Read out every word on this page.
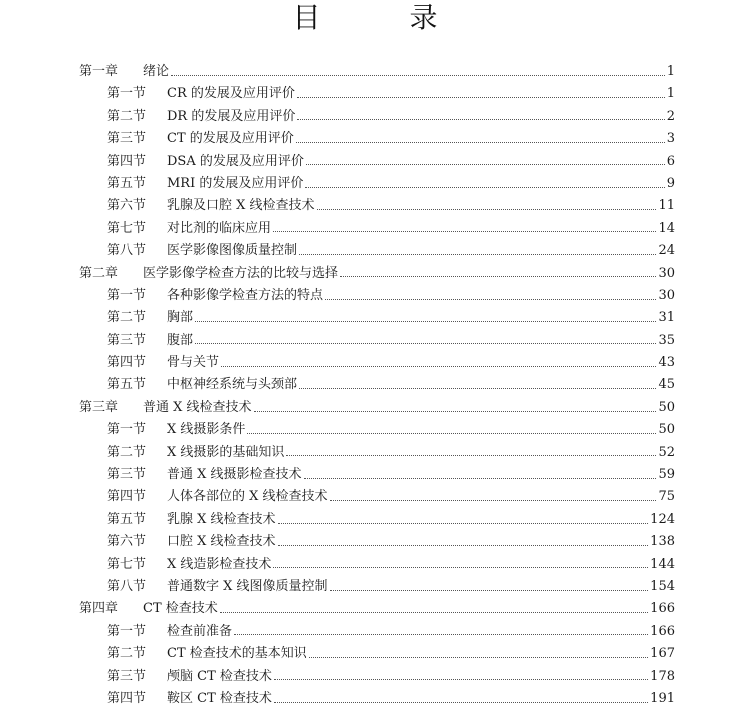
目 录
第一章	绪论	1
第一节	CR 的发展及应用评价	1
第二节	DR 的发展及应用评价	2
第三节	CT 的发展及应用评价	3
第四节	DSA 的发展及应用评价	6
第五节	MRI 的发展及应用评价	9
第六节	乳腺及口腔 X 线检查技术	11
第七节	对比剂的临床应用	14
第八节	医学影像图像质量控制	24
第二章	医学影像学检查方法的比较与选择	30
第一节	各种影像学检查方法的特点	30
第二节	胸部	31
第三节	腹部	35
第四节	骨与关节	43
第五节	中枢神经系统与头颈部	45
第三章	普通 X 线检查技术	50
第一节	X 线摄影条件	50
第二节	X 线摄影的基础知识	52
第三节	普通 X 线摄影检查技术	59
第四节	人体各部位的 X 线检查技术	75
第五节	乳腺 X 线检查技术	124
第六节	口腔 X 线检查技术	138
第七节	X 线造影检查技术	144
第八节	普通数字 X 线图像质量控制	154
第四章	CT 检查技术	166
第一节	检查前准备	166
第二节	CT 检查技术的基本知识	167
第三节	颅脑 CT 检查技术	178
第四节	鞍区 CT 检查技术	191
